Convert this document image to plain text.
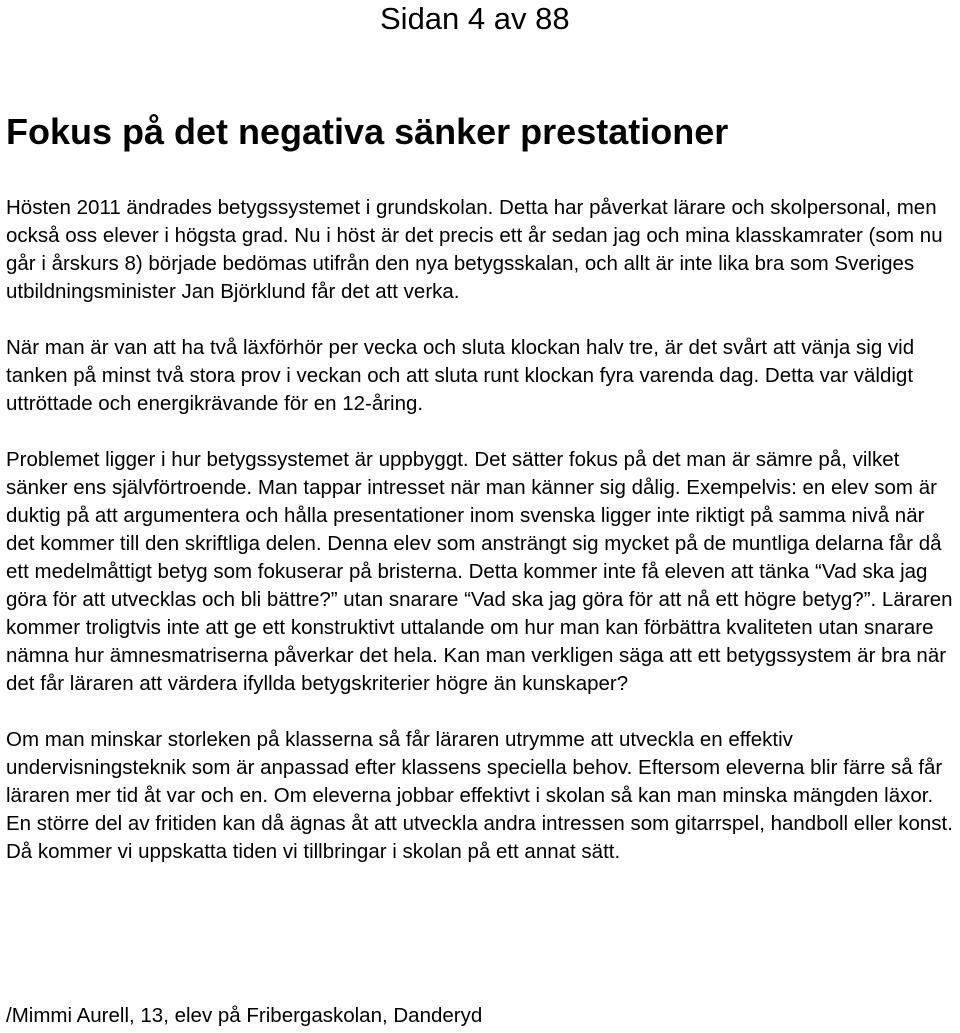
Sidan 4 av 88
Fokus på det negativa sänker prestationer

Hösten 2011 ändrades betygssystemet i grundskolan. Detta har påverkat lärare och skolpersonal, men också oss elever i högsta grad. Nu i höst är det precis ett år sedan jag och mina klasskamrater (som nu går i årskurs 8) började bedömas utifrån den nya betygsskalan, och allt är inte lika bra som Sveriges utbildningsminister Jan Björklund får det att verka.

När man är van att ha två läxförhör per vecka och sluta klockan halv tre, är det svårt att vänja sig vid tanken på minst två stora prov i veckan och att sluta runt klockan fyra varenda dag. Detta var väldigt uttröttade och energikrävande för en 12-åring.

Problemet ligger i hur betygssystemet är uppbyggt. Det sätter fokus på det man är sämre på, vilket sänker ens självförtroende. Man tappar intresset när man känner sig dålig. Exempelvis: en elev som är duktig på att argumentera och hålla presentationer inom svenska ligger inte riktigt på samma nivå när det kommer till den skriftliga delen. Denna elev som ansträngt sig mycket på de muntliga delarna får då ett medelmåttigt betyg som fokuserar på bristerna. Detta kommer inte få eleven att tänka “Vad ska jag göra för att utvecklas och bli bättre?” utan snarare “Vad ska jag göra för att nå ett högre betyg?”. Läraren kommer troligtvis inte att ge ett konstruktivt uttalande om hur man kan förbättra kvaliteten utan snarare nämna hur ämnesmatriserna påverkar det hela. Kan man verkligen säga att ett betygssystem är bra när det får läraren att värdera ifyllda betygskriterier högre än kunskaper?

Om man minskar storleken på klasserna så får läraren utrymme att utveckla en effektiv undervisningsteknik som är anpassad efter klassens speciella behov. Eftersom eleverna blir färre så får läraren mer tid åt var och en. Om eleverna jobbar effektivt i skolan så kan man minska mängden läxor. En större del av fritiden kan då ägnas åt att utveckla andra intressen som gitarrspel, handboll eller konst. Då kommer vi uppskatta tiden vi tillbringar i skolan på ett annat sätt.

/Mimmi Aurell, 13, elev på Fribergaskolan, Danderyd
